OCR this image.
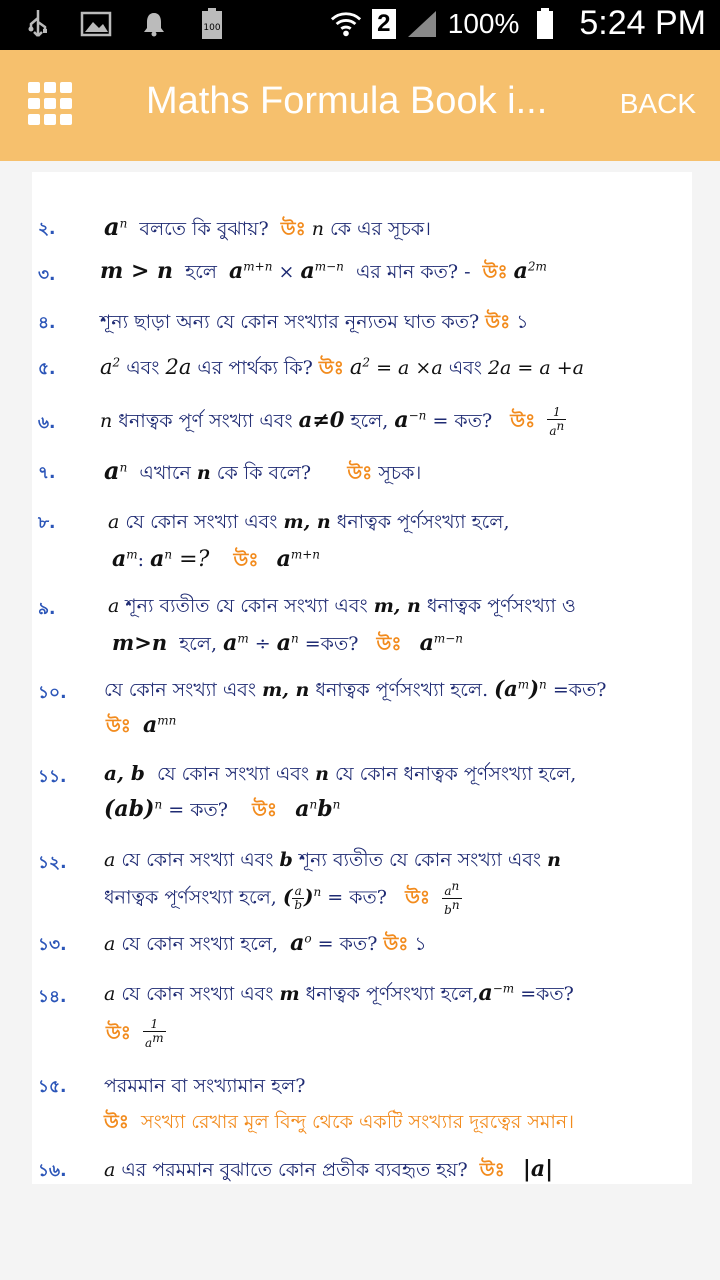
100	2 100% 5:24 PM
Maths Formula Book i...	BACK
২. $a^n$ বলতে কি বুঝায়? উঃ n কে এর সূচক।
৩. m > n হলে $a^{m+n} \times a^{m-n}$ এর মান কত? - উঃ $a^{2m}$
৪. শূন্য ছাড়া অন্য যে কোন সংখ্যার নূন্যতম ঘাত কত? উঃ ১
৫. $a^2$ এবং 2a এর পার্থক্য কি? উঃ $a^2 = a \times a$ এবং 2a = a +a
৬. n ধনাত্বক পূর্ণ সংখ্যা এবং a≠0 হলে, $a^{-n}$ = কত? উঃ $\frac{1}{a^n}$
৭. $a^n$ এখানে n কে কি বলে? উঃ সূচক।
৮.	a যে কোন সংখ্যা এবং m, n ধনাত্বক পূর্ণসংখ্যা হলে,
$a^m$: $a^n$ =? উঃ $a^{m+n}$
৯.	a শূন্য ব্যতীত যে কোন সংখ্যা এবং m, n ধনাত্বক পূর্ণসংখ্যা ও
m>n হলে, $a^m \div a^n$ =কত? উঃ $a^{m-n}$
১০. যে কোন সংখ্যা এবং m, n ধনাত্বক পূর্ণসংখ্যা হলে. $(a^m)^n$ =কত?
উঃ $a^{mn}$
১১. a, b যে কোন সংখ্যা এবং n যে কোন ধনাত্বক পূর্ণসংখ্যা হলে,
(ab)$^n$ = কত? উঃ $a^nb^n$
১২. a যে কোন সংখ্যা এবং b শূন্য ব্যতীত যে কোন সংখ্যা এবং n
ধনাত্বক পূর্ণসংখ্যা হলে, ( $\frac{a}{b} )^n$ = কত? উঃ $\frac{a^n}{b^n}$
১৩. a যে কোন সংখ্যা হলে, $a^o$ = কত? উঃ ১
১৪. a যে কোন সংখ্যা এবং m ধনাত্বক পূর্ণসংখ্যা $হলে,a^{-m}$ =কত?
উঃ $\frac{1}{a^m}$
১৫. পরমমান বা সংখ্যামান হল?
উঃ সংখ্যা রেখার মূল বিন্দু থেকে একটি সংখ্যার দূরত্বের সমান।
১৬. a এর পরমমান বুঝাতে কোন প্রতীক ব্যবহৃত হয়? উঃ |a|
